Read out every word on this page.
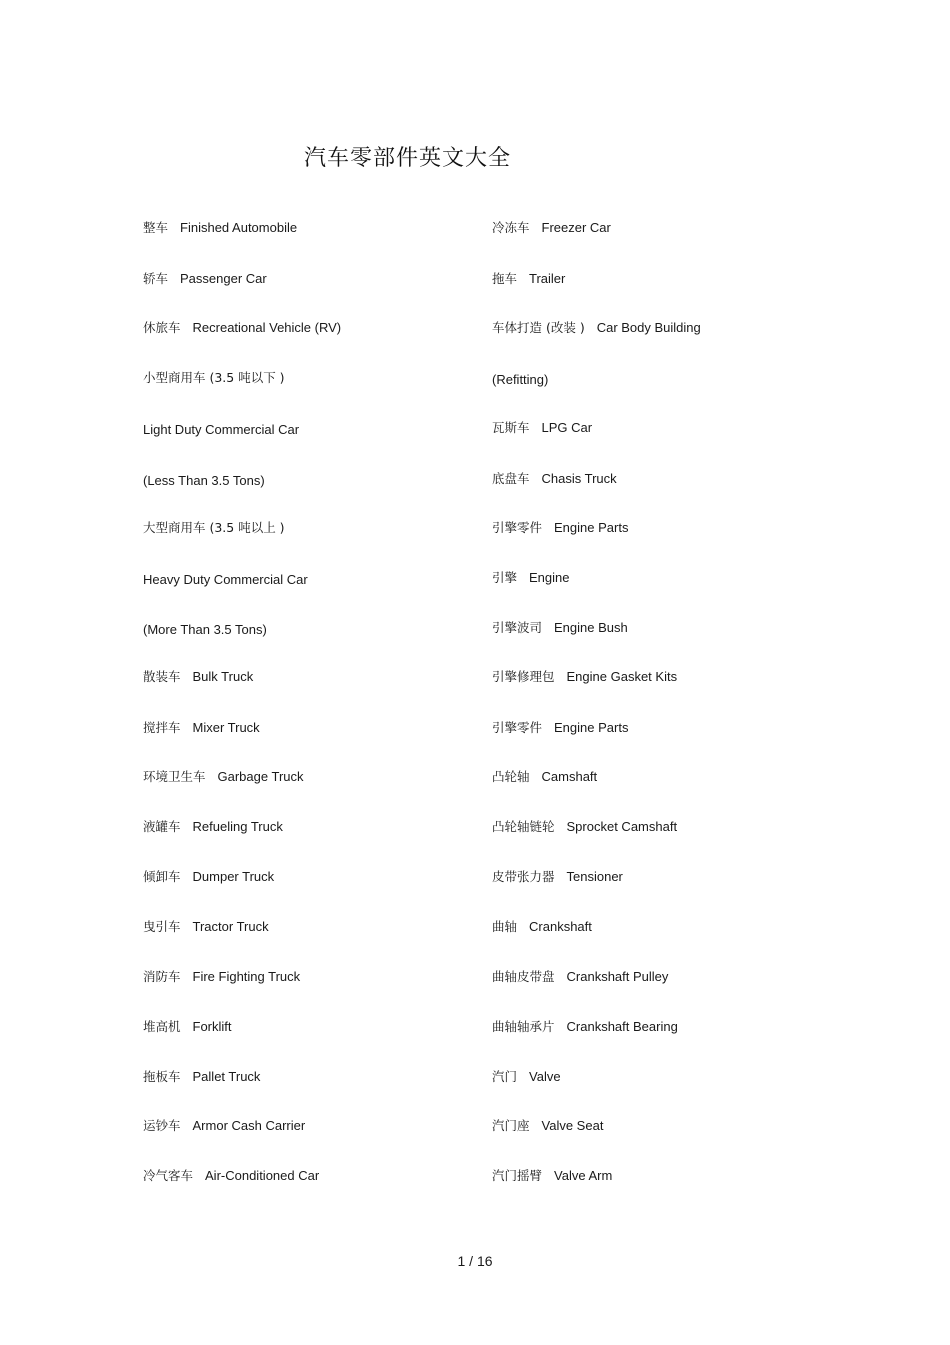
汽车零部件英文大全
整车 Finished Automobile
轿车 Passenger Car
休旅车 Recreational Vehicle (RV)
小型商用车 (3.5 吨以下 )
Light Duty Commercial Car
(Less Than 3.5 Tons)
大型商用车 (3.5 吨以上 )
Heavy Duty Commercial Car
(More Than 3.5 Tons)
散装车 Bulk Truck
搅拌车 Mixer Truck
环境卫生车 Garbage Truck
液罐车 Refueling Truck
倾卸车 Dumper Truck
曳引车 Tractor Truck
消防车 Fire Fighting Truck
堆高机 Forklift
拖板车 Pallet Truck
运钞车 Armor Cash Carrier
冷气客车 Air-Conditioned Car
冷冻车 Freezer Car
拖车 Trailer
车体打造 (改装 ) Car Body Building
(Refitting)
瓦斯车 LPG Car
底盘车 Chasis Truck
引擎零件 Engine Parts
引擎 Engine
引擎波司 Engine Bush
引擎修理包 Engine Gasket Kits
引擎零件 Engine Parts
凸轮轴 Camshaft
凸轮轴链轮 Sprocket Camshaft
皮带张力器 Tensioner
曲轴 Crankshaft
曲轴皮带盘 Crankshaft Pulley
曲轴轴承片 Crankshaft Bearing
汽门 Valve
汽门座 Valve Seat
汽门摇臂 Valve Arm
1 / 16
